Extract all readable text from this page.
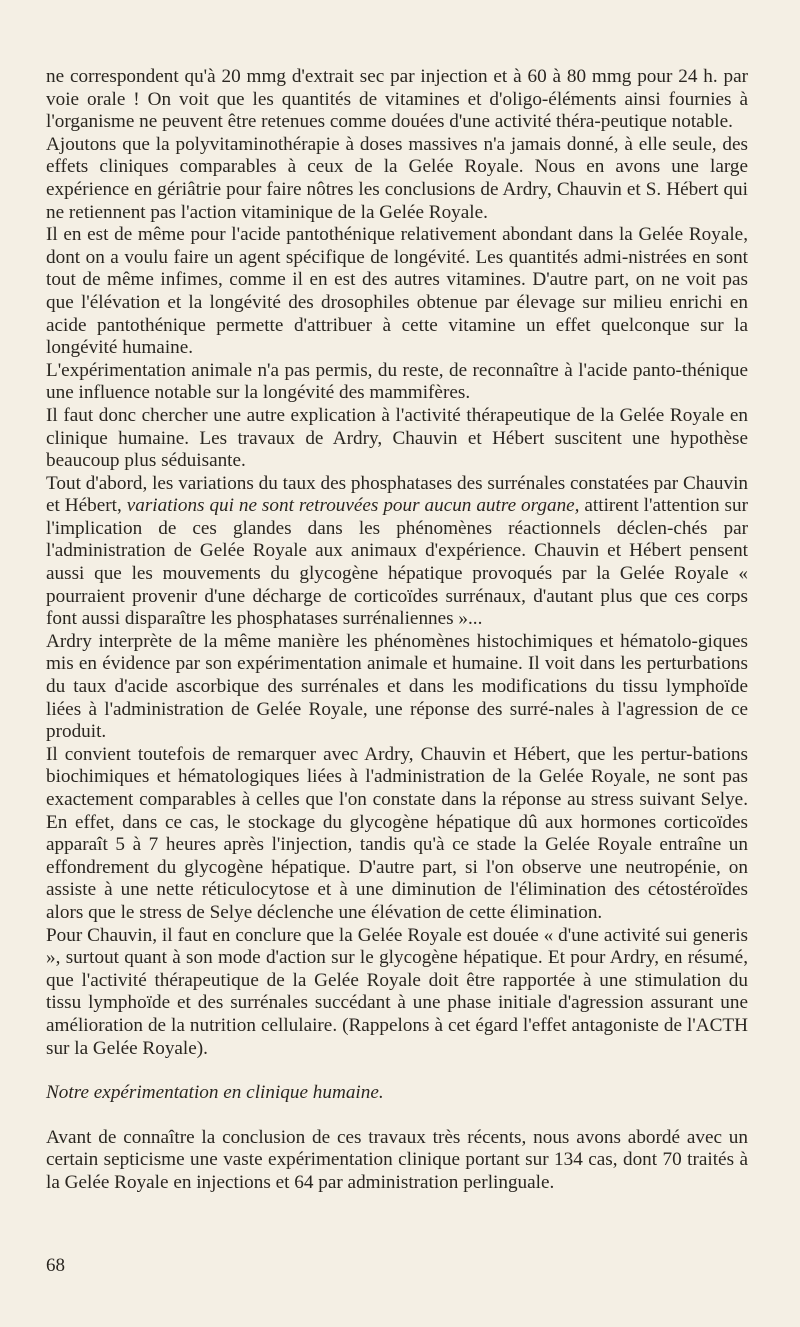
ne correspondent qu'à 20 mmg d'extrait sec par injection et à 60 à 80 mmg pour 24 h. par voie orale ! On voit que les quantités de vitamines et d'oligo-éléments ainsi fournies à l'organisme ne peuvent être retenues comme douées d'une activité théra-peutique notable.

Ajoutons que la polyvitaminothérapie à doses massives n'a jamais donné, à elle seule, des effets cliniques comparables à ceux de la Gelée Royale. Nous en avons une large expérience en gériâtrie pour faire nôtres les conclusions de Ardry, Chauvin et S. Hébert qui ne retiennent pas l'action vitaminique de la Gelée Royale.

Il en est de même pour l'acide pantothénique relativement abondant dans la Gelée Royale, dont on a voulu faire un agent spécifique de longévité. Les quantités admi-nistrées en sont tout de même infimes, comme il en est des autres vitamines. D'autre part, on ne voit pas que l'élévation et la longévité des drosophiles obtenue par élevage sur milieu enrichi en acide pantothénique permette d'attribuer à cette vitamine un effet quelconque sur la longévité humaine.

L'expérimentation animale n'a pas permis, du reste, de reconnaître à l'acide panto-thénique une influence notable sur la longévité des mammifères.

Il faut donc chercher une autre explication à l'activité thérapeutique de la Gelée Royale en clinique humaine. Les travaux de Ardry, Chauvin et Hébert suscitent une hypothèse beaucoup plus séduisante.

Tout d'abord, les variations du taux des phosphatases des surrénales constatées par Chauvin et Hébert, variations qui ne sont retrouvées pour aucun autre organe, attirent l'attention sur l'implication de ces glandes dans les phénomènes réactionnels déclen-chés par l'administration de Gelée Royale aux animaux d'expérience. Chauvin et Hébert pensent aussi que les mouvements du glycogène hépatique provoqués par la Gelée Royale « pourraient provenir d'une décharge de corticoïdes surrénaux, d'autant plus que ces corps font aussi disparaître les phosphatases surrénaliennes »...

Ardry interprète de la même manière les phénomènes histochimiques et hématolo-giques mis en évidence par son expérimentation animale et humaine. Il voit dans les perturbations du taux d'acide ascorbique des surrénales et dans les modifications du tissu lymphoïde liées à l'administration de Gelée Royale, une réponse des surré-nales à l'agression de ce produit.

Il convient toutefois de remarquer avec Ardry, Chauvin et Hébert, que les pertur-bations biochimiques et hématologiques liées à l'administration de la Gelée Royale, ne sont pas exactement comparables à celles que l'on constate dans la réponse au stress suivant Selye. En effet, dans ce cas, le stockage du glycogène hépatique dû aux hormones corticoïdes apparaît 5 à 7 heures après l'injection, tandis qu'à ce stade la Gelée Royale entraîne un effondrement du glycogène hépatique. D'autre part, si l'on observe une neutropénie, on assiste à une nette réticulocytose et à une diminution de l'élimination des cétostéroïdes alors que le stress de Selye déclenche une élévation de cette élimination.

Pour Chauvin, il faut en conclure que la Gelée Royale est douée « d'une activité sui generis », surtout quant à son mode d'action sur le glycogène hépatique. Et pour Ardry, en résumé, que l'activité thérapeutique de la Gelée Royale doit être rapportée à une stimulation du tissu lymphoïde et des surrénales succédant à une phase initiale d'agression assurant une amélioration de la nutrition cellulaire. (Rappelons à cet égard l'effet antagoniste de l'ACTH sur la Gelée Royale).

Notre expérimentation en clinique humaine.

Avant de connaître la conclusion de ces travaux très récents, nous avons abordé avec un certain septicisme une vaste expérimentation clinique portant sur 134 cas, dont 70 traités à la Gelée Royale en injections et 64 par administration perlinguale.

68
